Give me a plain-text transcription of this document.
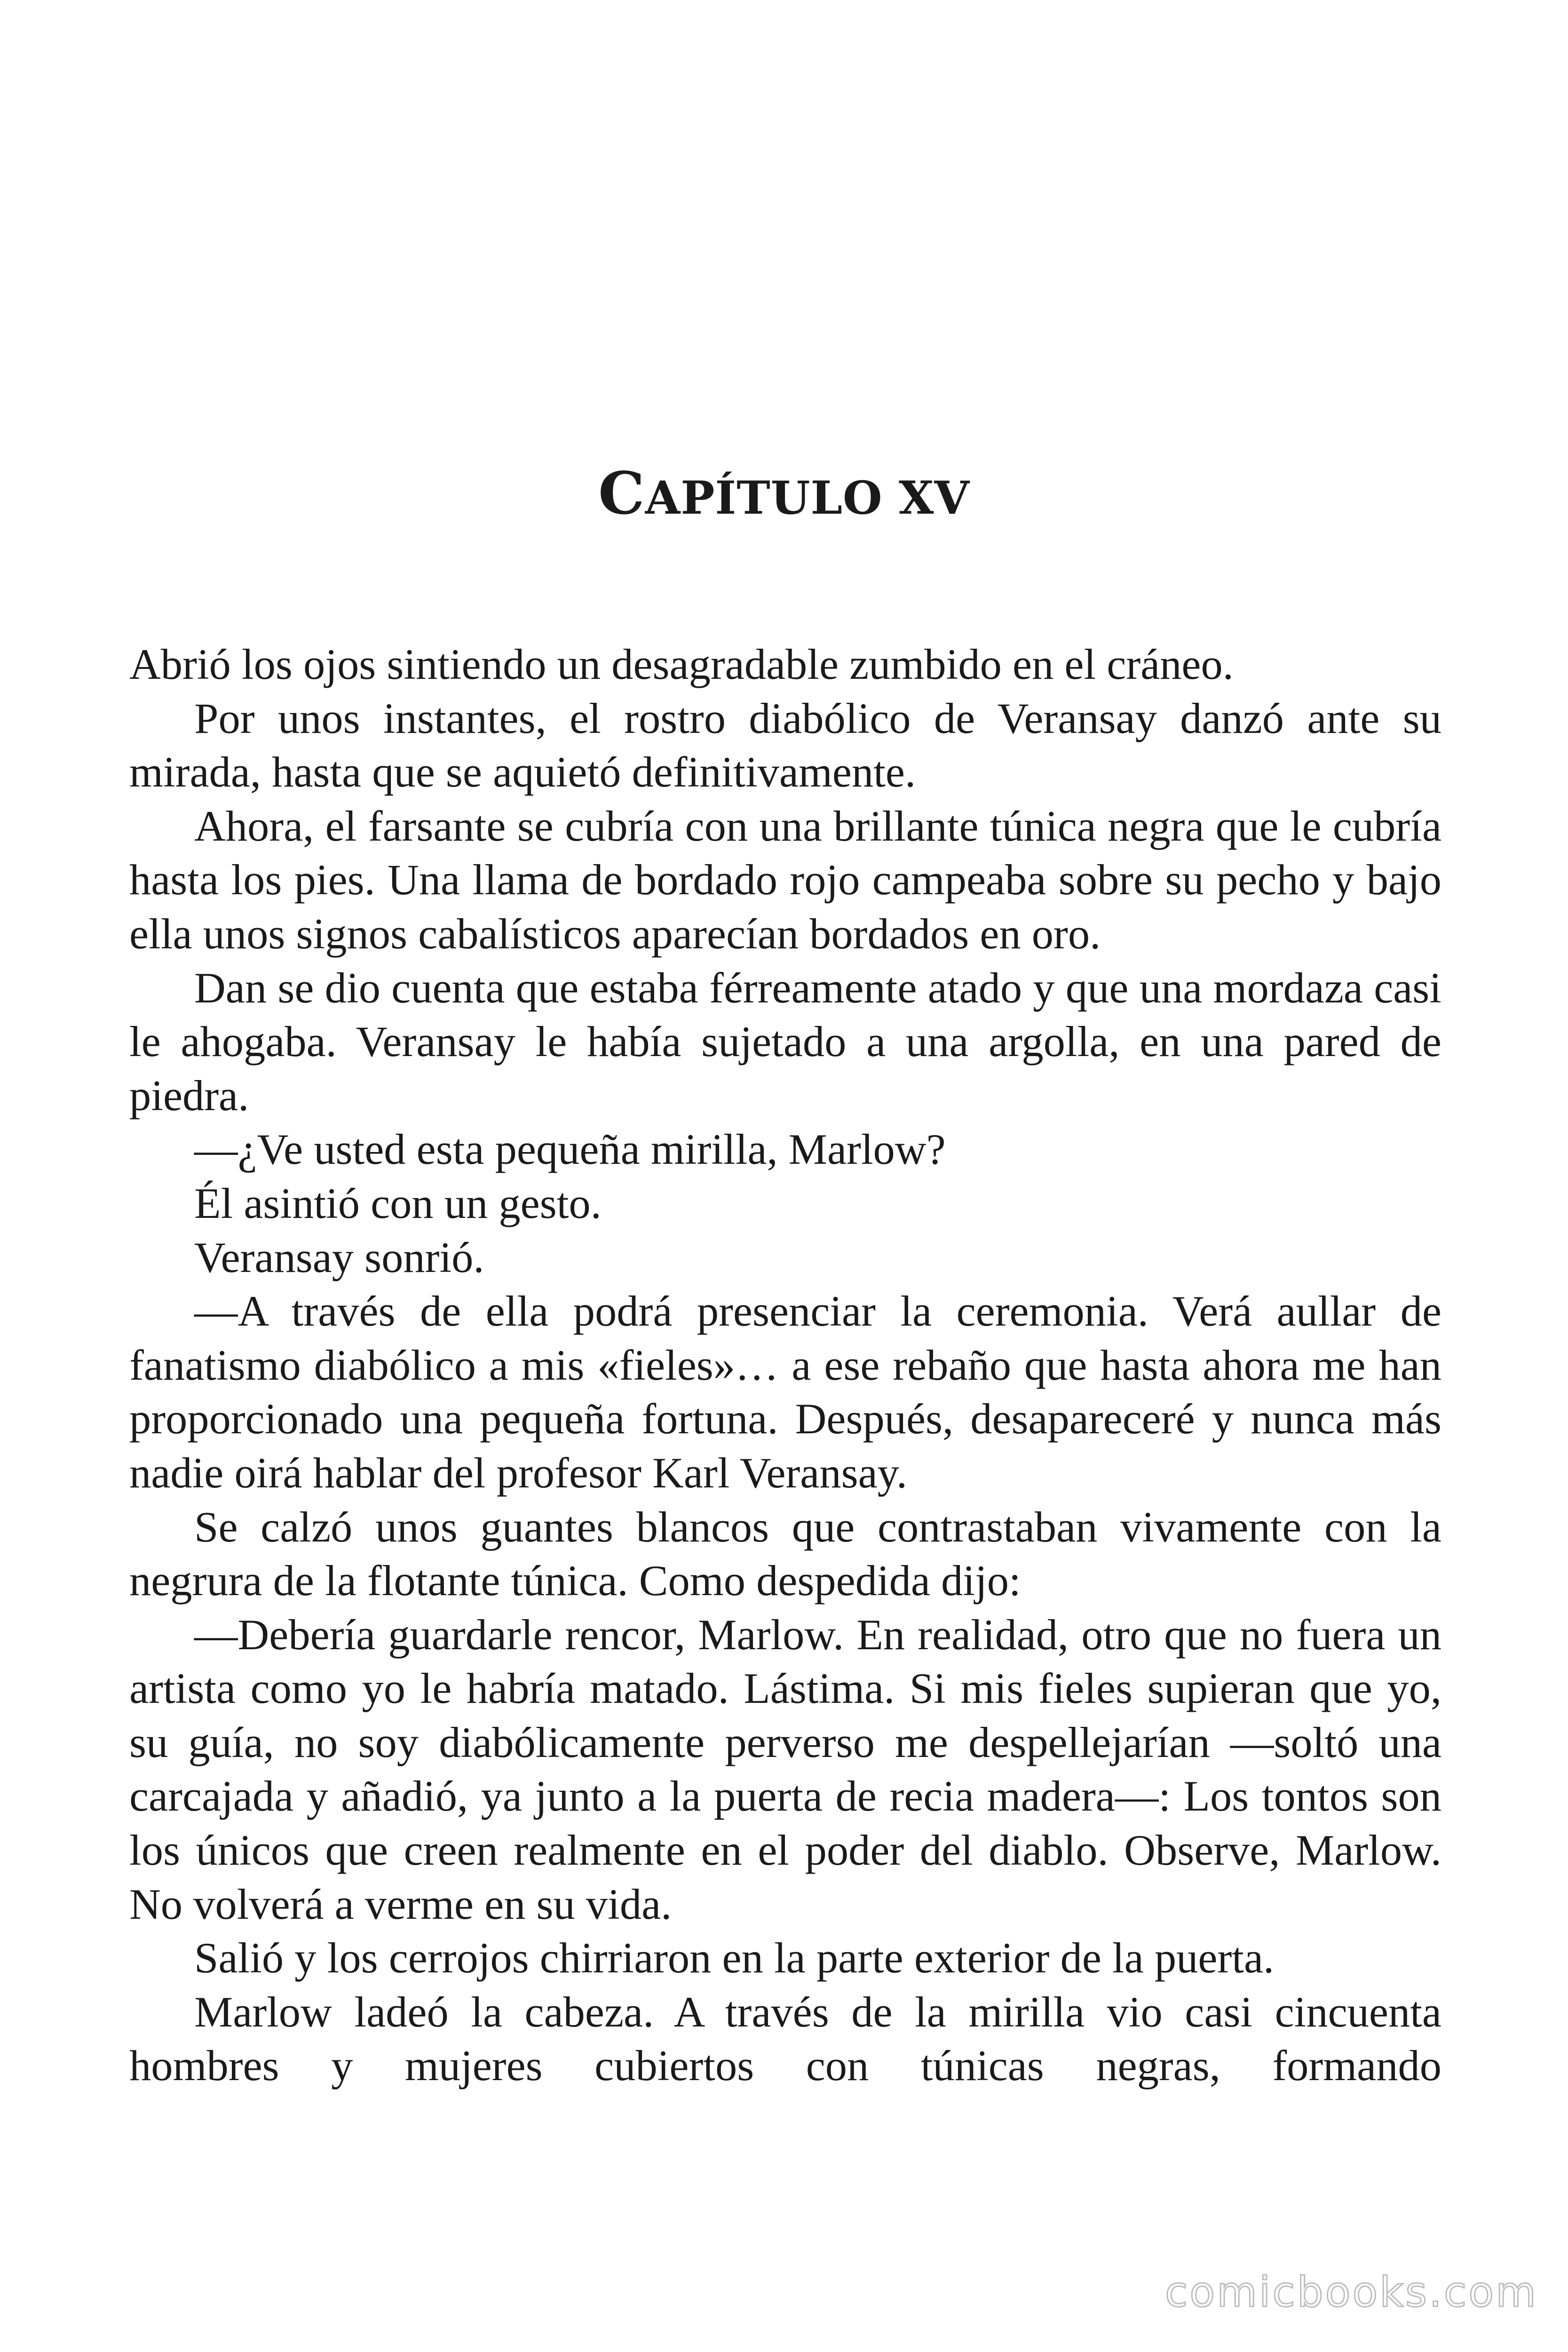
CAPÍTULO XV

Abrió los ojos sintiendo un desagradable zumbido en el cráneo.

Por unos instantes, el rostro diabólico de Veransay danzó ante su mirada, hasta que se aquietó definitivamente.

Ahora, el farsante se cubría con una brillante túnica negra que le cubría hasta los pies. Una llama de bordado rojo campeaba sobre su pecho y bajo ella unos signos cabalísticos aparecían bordados en oro.

Dan se dio cuenta que estaba férreamente atado y que una mordaza casi le ahogaba. Veransay le había sujetado a una argolla, en una pared de piedra.

—¿Ve usted esta pequeña mirilla, Marlow?

Él asintió con un gesto.

Veransay sonrió.

—A través de ella podrá presenciar la ceremonia. Verá aullar de fanatismo diabólico a mis «fieles»… a ese rebaño que hasta ahora me han proporcionado una pequeña fortuna. Después, desapareceré y nunca más nadie oirá hablar del profesor Karl Veransay.

Se calzó unos guantes blancos que contrastaban vivamente con la negrura de la flotante túnica. Como despedida dijo:

—Debería guardarle rencor, Marlow. En realidad, otro que no fuera un artista como yo le habría matado. Lástima. Si mis fieles supieran que yo, su guía, no soy diabólicamente perverso me despellejarían —soltó una carcajada y añadió, ya junto a la puerta de recia madera—: Los tontos son los únicos que creen realmente en el poder del diablo. Observe, Marlow. No volverá a verme en su vida.

Salió y los cerrojos chirriaron en la parte exterior de la puerta.

Marlow ladeó la cabeza. A través de la mirilla vio casi cincuenta hombres y mujeres cubiertos con túnicas negras, formando

comicbooks.com
